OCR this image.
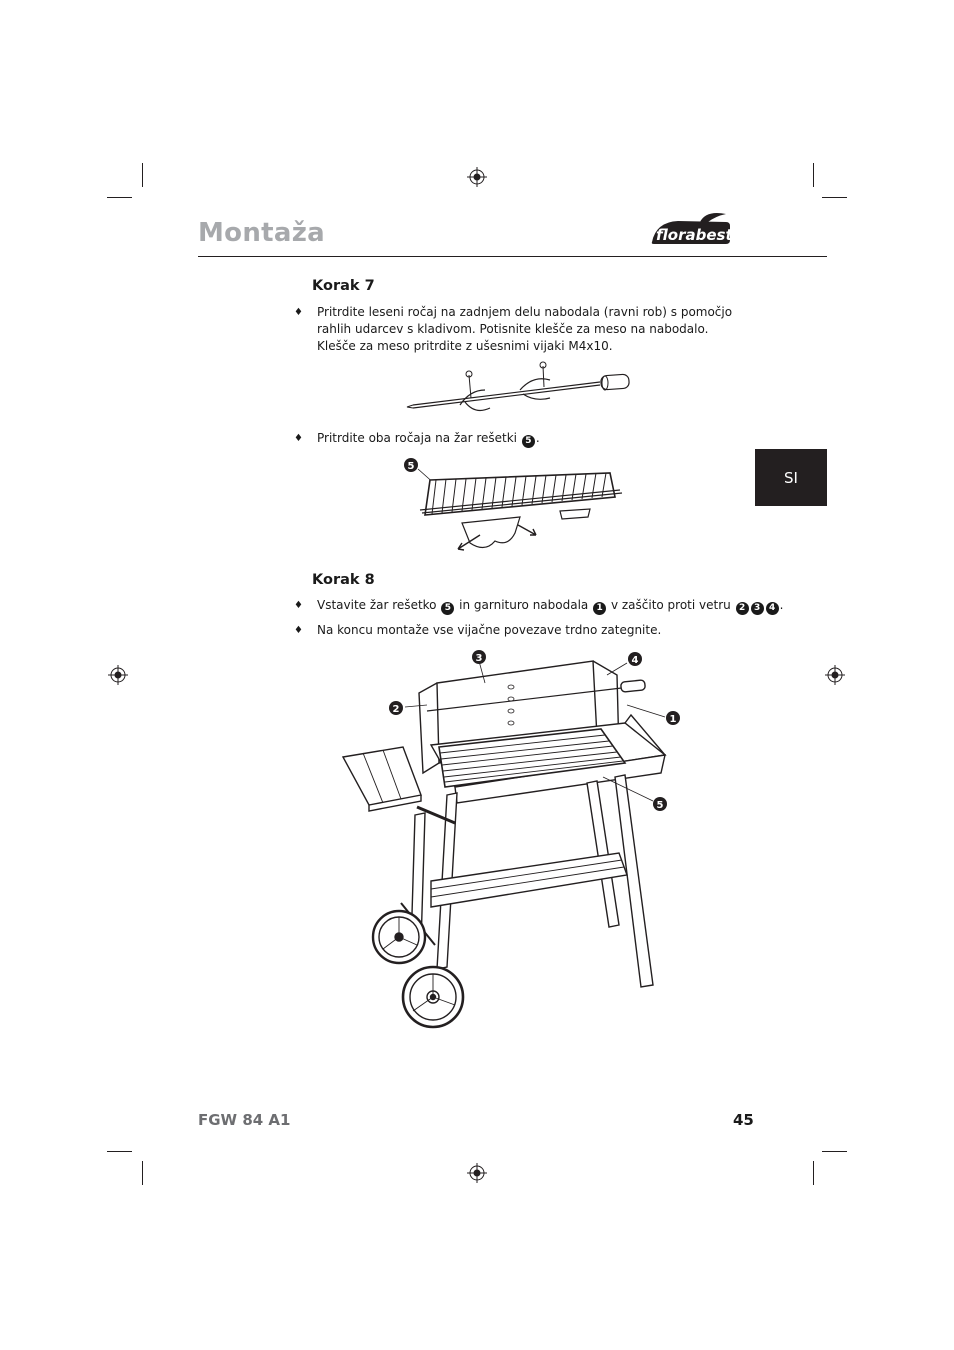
Montaža	florabest
SI
Korak 7
♦ Pritrdite leseni ročaj na zadnjem delu nabodala (ravni rob) s pomočjo rahlih udarcev s kladivom. Potisnite klešče za meso na nabodalo. Klešče za meso pritrdite z ušesnimi vijaki M4x10.
♦ Pritrdite oba ročaja na žar rešetki 5 .
5
Korak 8
♦ Vstavite žar rešetko 5 in garnituro nabodala 1 v zaščito proti vetru 2 3 4 .
♦ Na koncu montaže vse vijačne povezave trdno zategnite.
3	4
2
1
5
FGW 84 A1	45
